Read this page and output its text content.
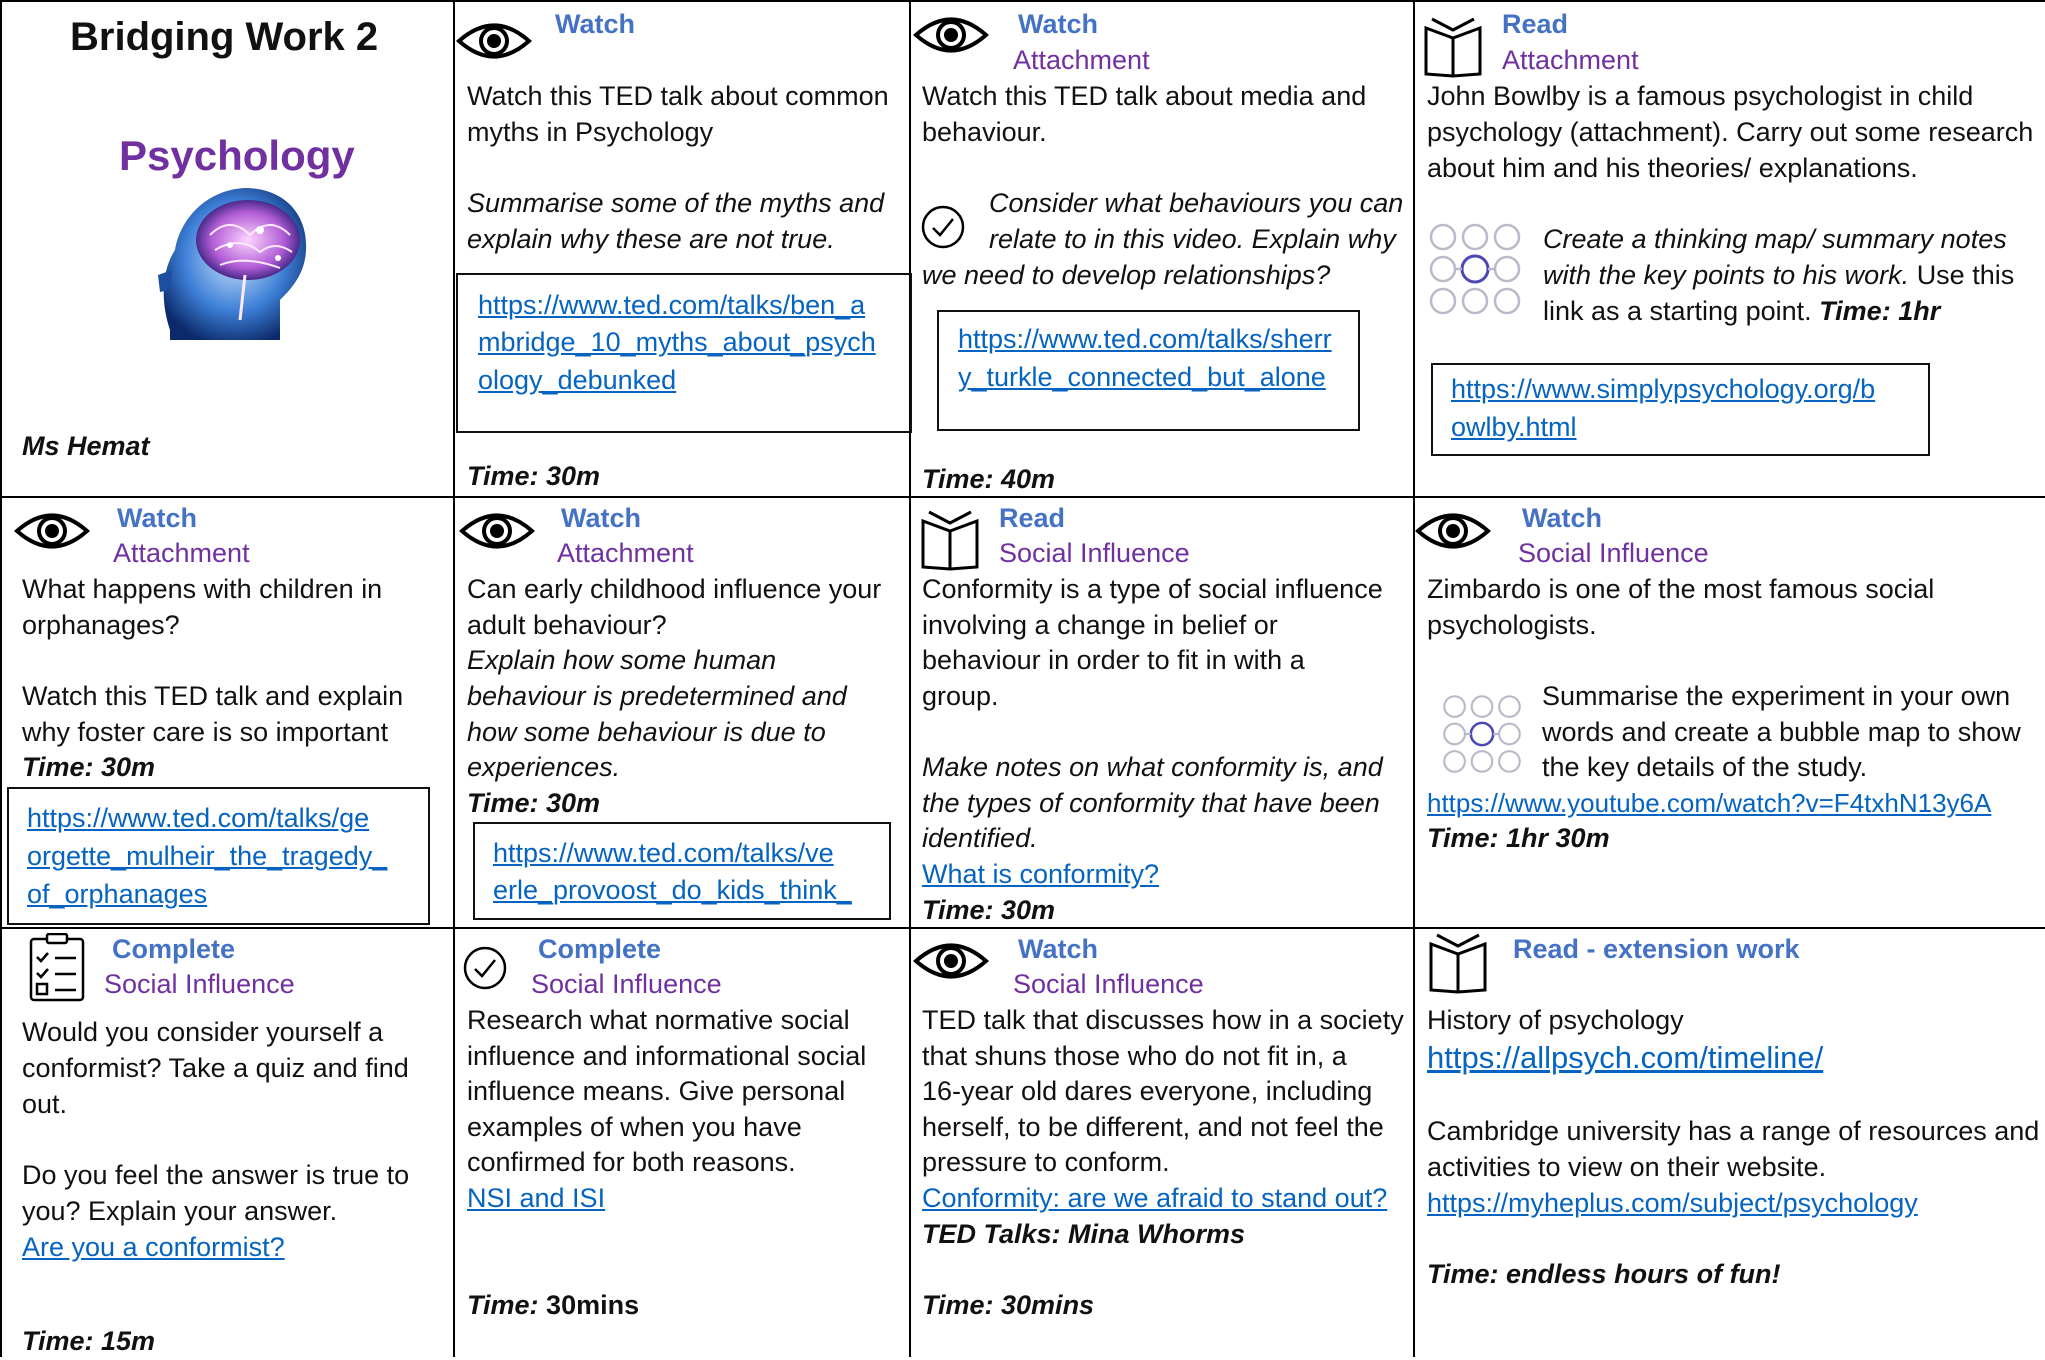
Bridging Work 2
Psychology
Ms Hemat
Watch
Watch this TED talk about common
myths in Psychology
Summarise some of the myths and
explain why these are not true.
https://www.ted.com/talks/ben_a
mbridge_10_myths_about_psych
ology_debunked
Time: 30m
Watch
Attachment
Watch this TED talk about media and
behaviour.
Consider what behaviours you can
relate to in this video. Explain why
we need to develop relationships?
https://www.ted.com/talks/sherr
y_turkle_connected_but_alone
Time: 40m
Read
Attachment
John Bowlby is a famous psychologist in child
psychology (attachment). Carry out some research
about him and his theories/ explanations.
Create a thinking map/ summary notes
with the key points to his work. Use this
link as a starting point. Time: 1hr
https://www.simplypsychology.org/b
owlby.html
Watch
Attachment
What happens with children in
orphanages?
Watch this TED talk and explain
why foster care is so important
Time: 30m
https://www.ted.com/talks/ge
orgette_mulheir_the_tragedy_
of_orphanages
Watch
Attachment
Can early childhood influence your
adult behaviour?
Explain how some human
behaviour is predetermined and
how some behaviour is due to
experiences.
Time: 30m
https://www.ted.com/talks/ve
erle_provoost_do_kids_think_
Read
Social Influence
Conformity is a type of social influence
involving a change in belief or
behaviour in order to fit in with a
group.
Make notes on what conformity is, and
the types of conformity that have been
identified.
What is conformity?
Time: 30m
Watch
Social Influence
Zimbardo is one of the most famous social
psychologists.
Summarise the experiment in your own
words and create a bubble map to show
the key details of the study.
https://www.youtube.com/watch?v=F4txhN13y6A
Time: 1hr 30m
Complete
Social Influence
Would you consider yourself a
conformist? Take a quiz and find
out.
Do you feel the answer is true to
you? Explain your answer.
Are you a conformist?
Time: 15m
Complete
Social Influence
Research what normative social
influence and informational social
influence means. Give personal
examples of when you have
confirmed for both reasons.
NSI and ISI
Time: 30mins
Watch
Social Influence
TED talk that discusses how in a society
that shuns those who do not fit in, a
16-year old dares everyone, including
herself, to be different, and not feel the
pressure to conform.
Conformity: are we afraid to stand out?
TED Talks: Mina Whorms
Time: 30mins
Read - extension work
History of psychology
https://allpsych.com/timeline/
Cambridge university has a range of resources and
activities to view on their website.
https://myheplus.com/subject/psychology
Time: endless hours of fun!
